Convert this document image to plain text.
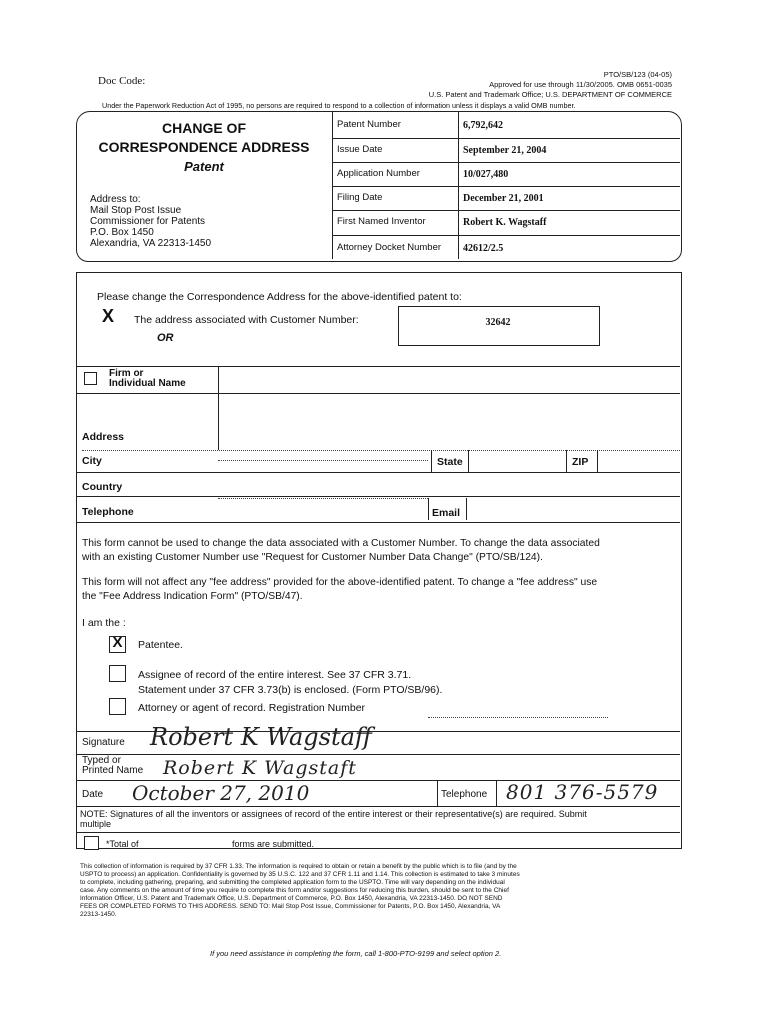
Doc Code:
PTO/SB/123 (04-05)
Approved for use through 11/30/2005. OMB 0651-0035
U.S. Patent and Trademark Office; U.S. DEPARTMENT OF COMMERCE
Under the Paperwork Reduction Act of 1995, no persons are required to respond to a collection of information unless it displays a valid OMB number.
CHANGE OF
CORRESPONDENCE ADDRESS
Patent
Address to:
Mail Stop Post Issue
Commissioner for Patents
P.O. Box 1450
Alexandria, VA 22313-1450
Patent Number	6,792,642
Issue Date	September 21, 2004
Application Number	10/027,480
Filing Date	December 21, 2001
First Named Inventor	Robert K. Wagstaff
Attorney Docket Number 42612/2.5
Please change the Correspondence Address for the above-identified patent to:
X The address associated with Customer Number:	32642
OR
Firm or
Individual Name
Address
City	State	ZIP
Country
Telephone	Email
This form cannot be used to change the data associated with a Customer Number. To change the data associated
with an existing Customer Number use "Request for Customer Number Data Change" (PTO/SB/124).
This form will not affect any "fee address" provided for the above-identified patent. To change a "fee address" use
the "Fee Address Indication Form" (PTO/SB/47).
I am the :
X	Patentee.
Assignee of record of the entire interest. See 37 CFR 3.71.
Statement under 37 CFR 3.73(b) is enclosed. (Form PTO/SB/96).
Attorney or agent of record. Registration Number
Signature Robert K Wagstaff
Typed or
Printed Name Robert K Wagstaft
Date October 27, 2010	Telephone 801 376-5579
NOTE: Signatures of all the inventors or assignees of record of the entire interest or their representative(s) are required. Submit
multiple
*Total of	forms are submitted.
This collection of information is required by 37 CFR 1.33. The information is required to obtain or retain a benefit by the public which is to file (and by the
USPTO to process) an application. Confidentiality is governed by 35 U.S.C. 122 and 37 CFR 1.11 and 1.14. This collection is estimated to take 3 minutes
to complete, including gathering, preparing, and submitting the completed application form to the USPTO. Time will vary depending on the individual
case. Any comments on the amount of time you require to complete this form and/or suggestions for reducing this burden, should be sent to the Chief
Information Officer, U.S. Patent and Trademark Office, U.S. Department of Commerce, P.O. Box 1450, Alexandria, VA 22313-1450. DO NOT SEND
FEES OR COMPLETED FORMS TO THIS ADDRESS. SEND TO: Mail Stop Post Issue, Commissioner for Patents, P.O. Box 1450, Alexandria, VA
22313-1450.
If you need assistance in completing the form, call 1-800-PTO-9199 and select option 2.
